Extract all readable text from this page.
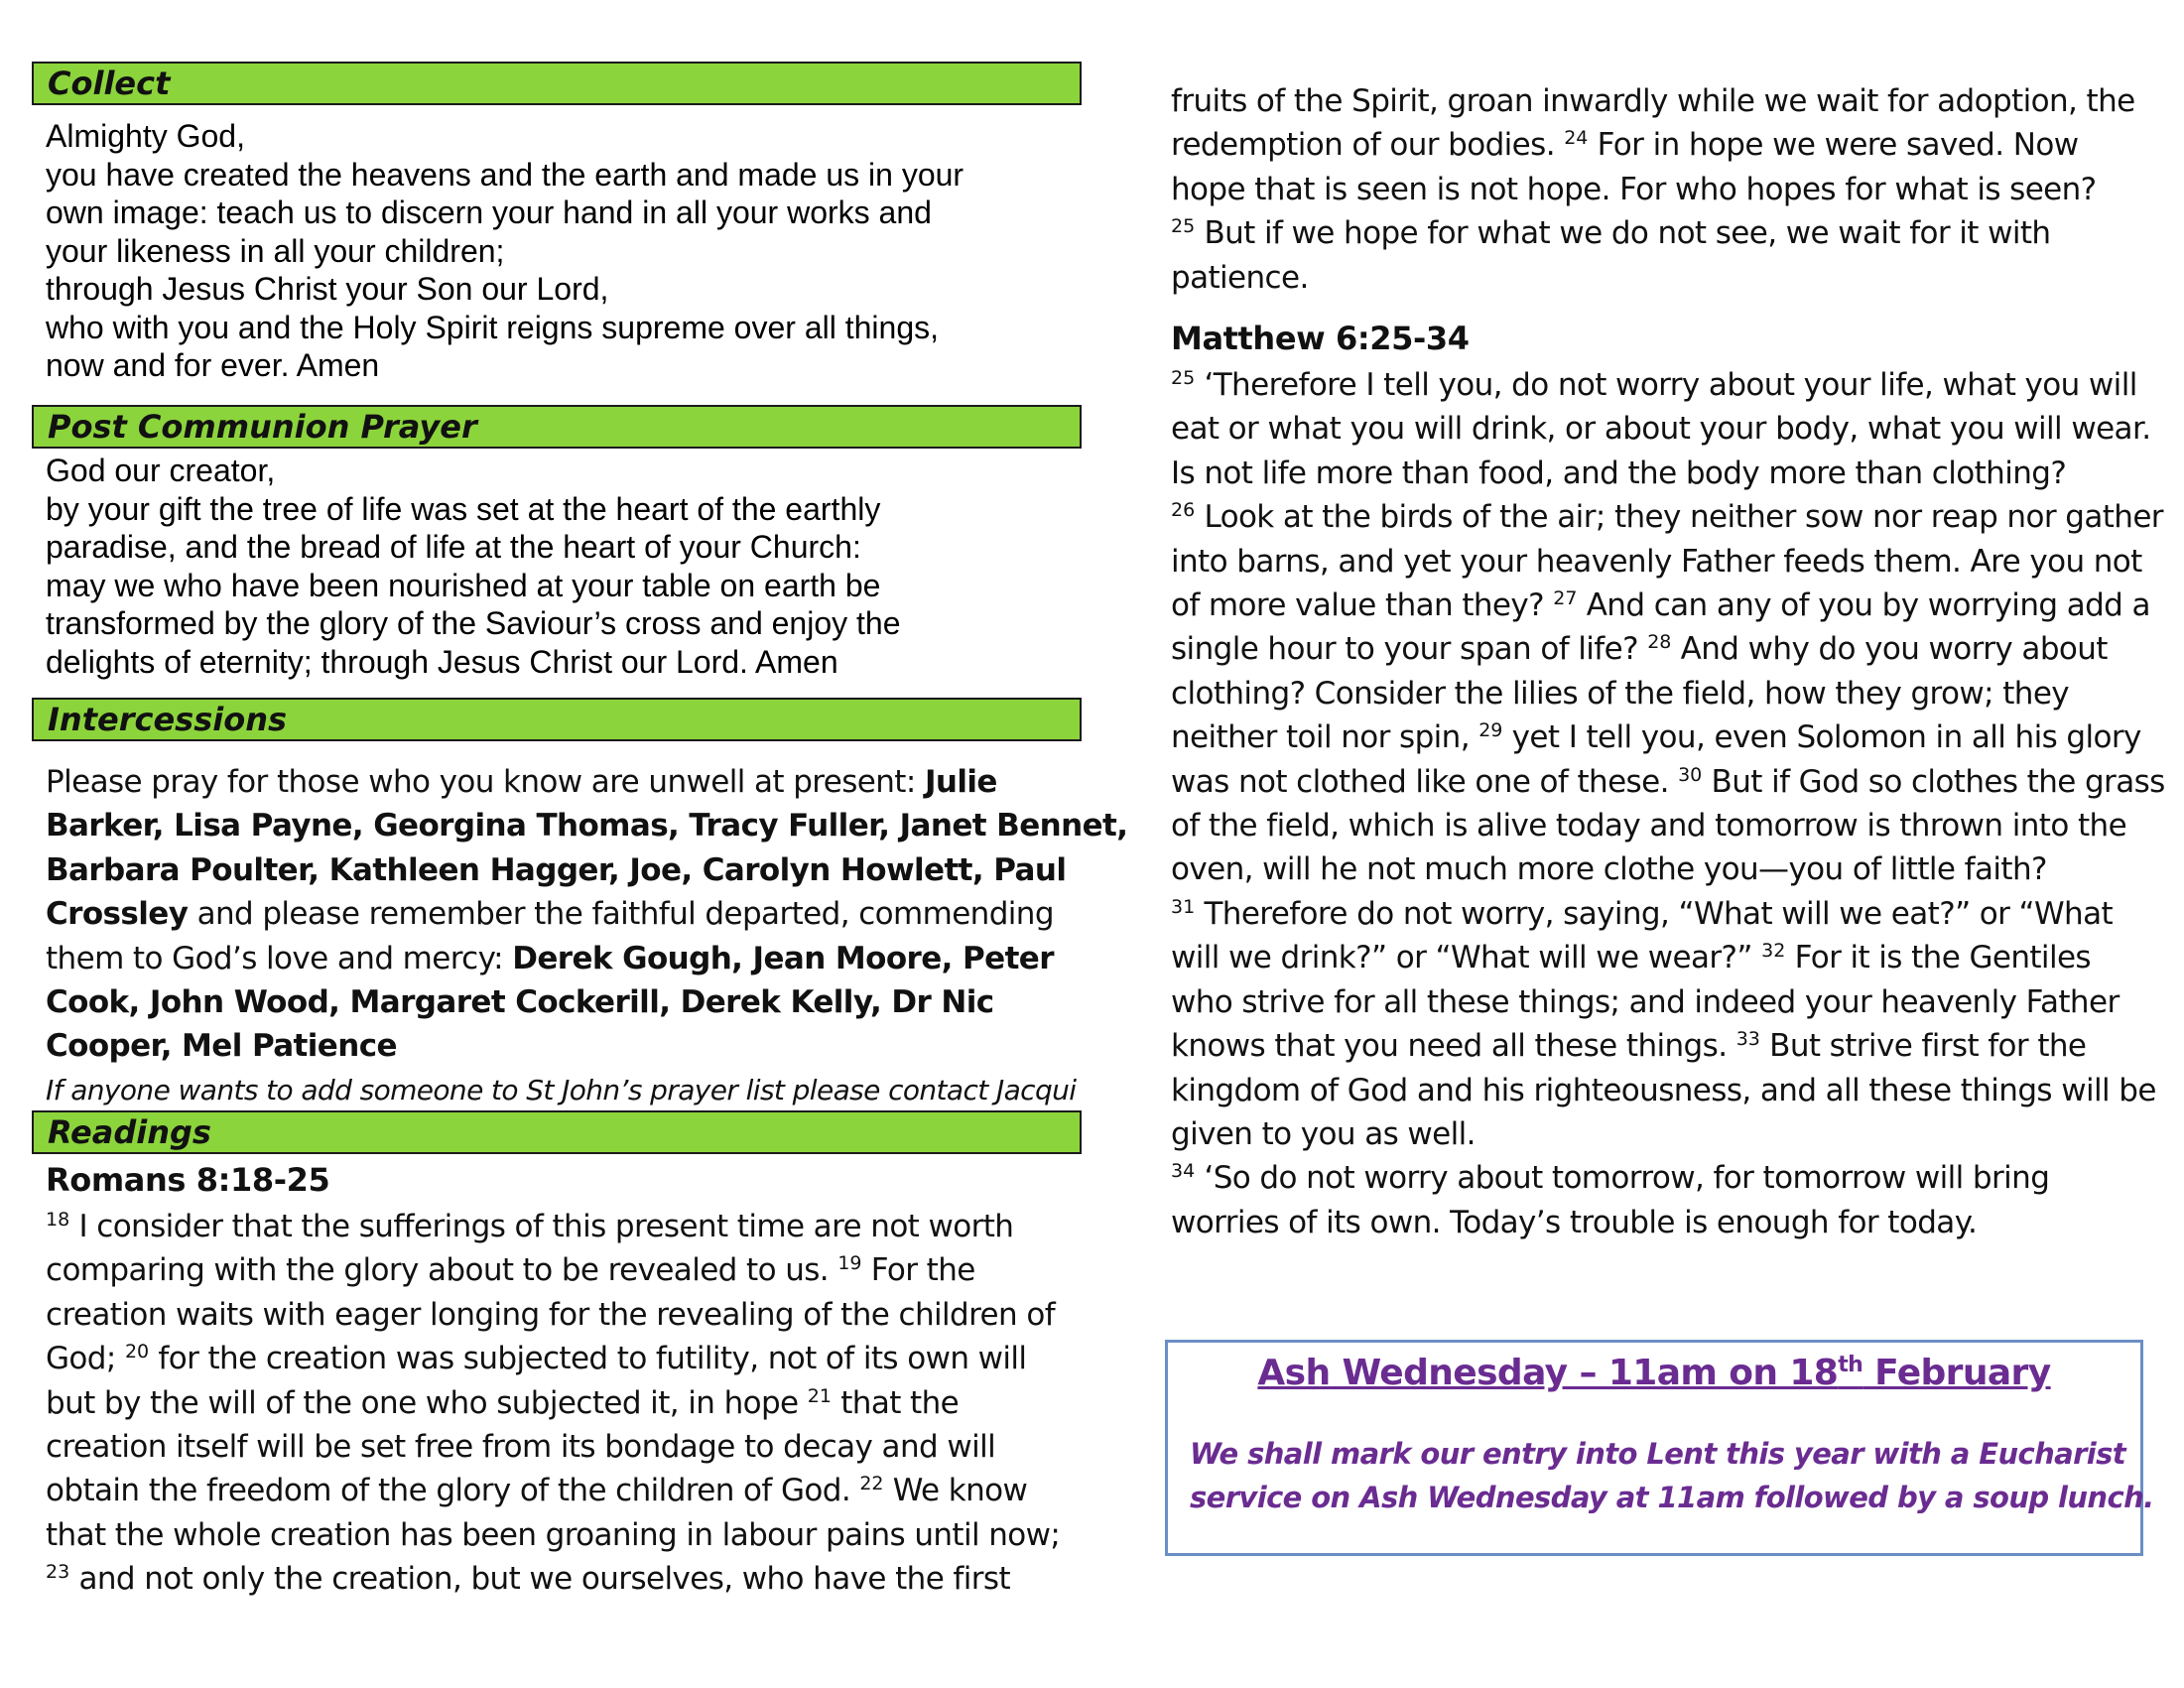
Collect
Almighty God,
you have created the heavens and the earth and made us in your
own image: teach us to discern your hand in all your works and
your likeness in all your children;
through Jesus Christ your Son our Lord,
who with you and the Holy Spirit reigns supreme over all things,
now and for ever. Amen
Post Communion Prayer
God our creator,
by your gift the tree of life was set at the heart of the earthly
paradise, and the bread of life at the heart of your Church:
may we who have been nourished at your table on earth be
transformed by the glory of the Saviour’s cross and enjoy the
delights of eternity; through Jesus Christ our Lord. Amen
Intercessions
Please pray for those who you know are unwell at present: Julie
Barker, Lisa Payne, Georgina Thomas, Tracy Fuller, Janet Bennet,
Barbara Poulter, Kathleen Hagger, Joe, Carolyn Howlett, Paul
Crossley and please remember the faithful departed, commending
them to God’s love and mercy: Derek Gough, Jean Moore, Peter
Cook, John Wood, Margaret Cockerill, Derek Kelly, Dr Nic
Cooper, Mel Patience
If anyone wants to add someone to St John’s prayer list please contact Jacqui
Readings
Romans 8:18-25
$^{18}$ I consider that the sufferings of this present time are not worth
comparing with the glory about to be revealed to us. $^{19}$ For the
creation waits with eager longing for the revealing of the children of
God; $^{20}$ for the creation was subjected to futility, not of its own will
but by the will of the one who subjected it, in hope $^{21}$ that the
creation itself will be set free from its bondage to decay and will
obtain the freedom of the glory of the children of God. $^{22}$ We know
that the whole creation has been groaning in labour pains until now;
$^{23}$ and not only the creation, but we ourselves, who have the first
fruits of the Spirit, groan inwardly while we wait for adoption, the
redemption of our bodies. $^{24}$ For in hope we were saved. Now
hope that is seen is not hope. For who hopes for what is seen?
$^{25}$ But if we hope for what we do not see, we wait for it with
patience.
Matthew 6:25-34
$^{25}$ ‘Therefore I tell you, do not worry about your life, what you will
eat or what you will drink, or about your body, what you will wear.
Is not life more than food, and the body more than clothing?
$^{26}$ Look at the birds of the air; they neither sow nor reap nor gather
into barns, and yet your heavenly Father feeds them. Are you not
of more value than they? $^{27}$ And can any of you by worrying add a
single hour to your span of life? $^{28}$ And why do you worry about
clothing? Consider the lilies of the field, how they grow; they
neither toil nor spin, $^{29}$ yet I tell you, even Solomon in all his glory
was not clothed like one of these. $^{30}$ But if God so clothes the grass
of the field, which is alive today and tomorrow is thrown into the
oven, will he not much more clothe you—you of little faith?
$^{31}$ Therefore do not worry, saying, “What will we eat?” or “What
will we drink?” or “What will we wear?” $^{32}$ For it is the Gentiles
who strive for all these things; and indeed your heavenly Father
knows that you need all these things. $^{33}$ But strive first for the
kingdom of God and his righteousness, and all these things will be
given to you as well.
$^{34}$ ‘So do not worry about tomorrow, for tomorrow will bring
worries of its own. Today’s trouble is enough for today.
Ash Wednesday – 11am on 18th February
We shall mark our entry into Lent this year with a Eucharist
service on Ash Wednesday at 11am followed by a soup lunch.
